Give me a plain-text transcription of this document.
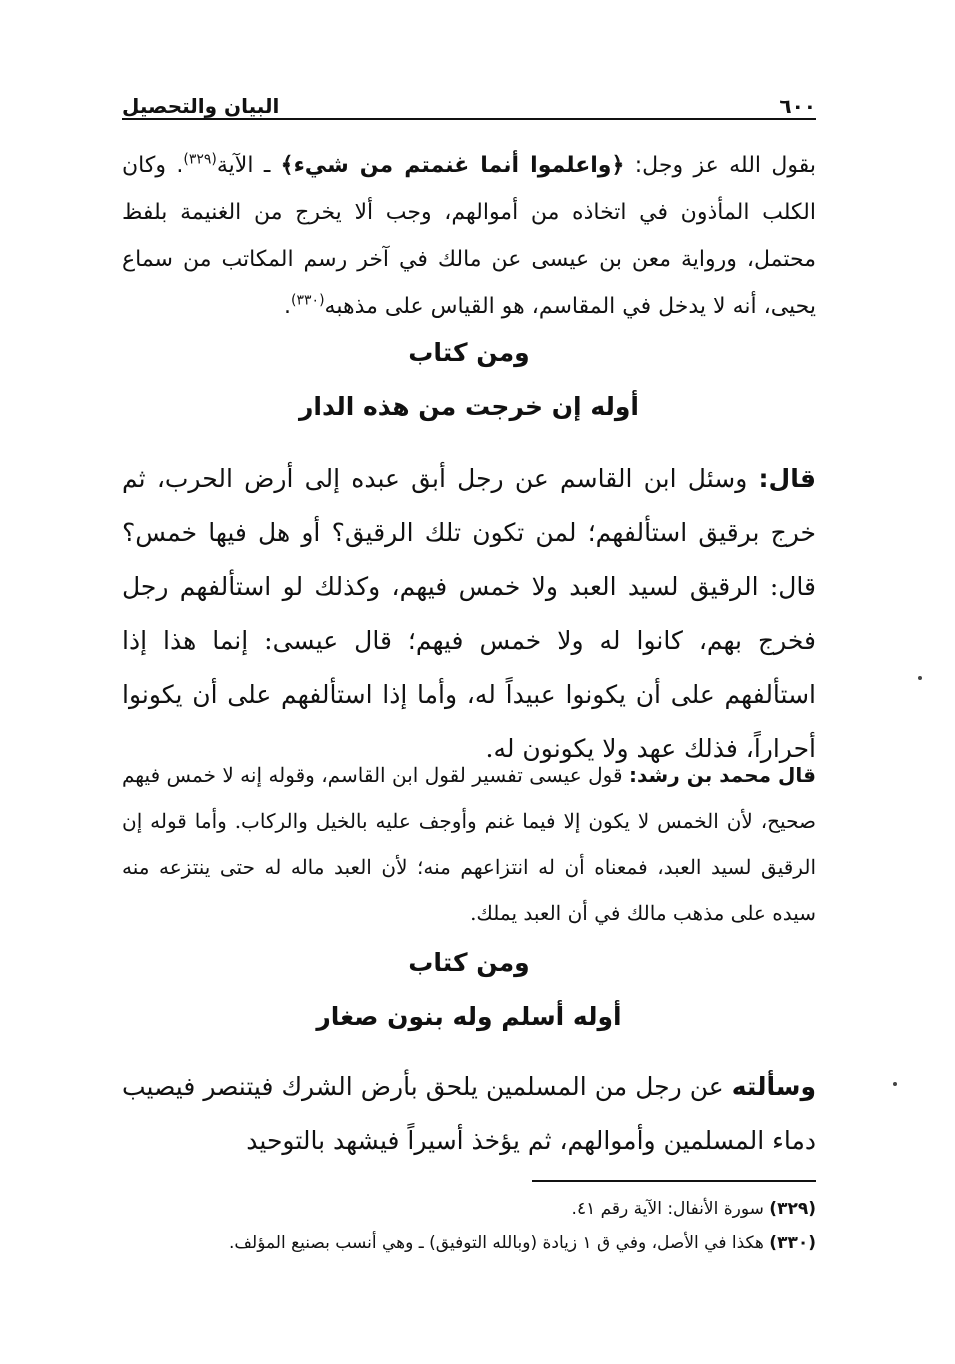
البيان والتحصيل	٦٠٠

بقول الله عز وجل: ﴿واعلموا أنما غنمتم من شيء﴾ ـ الآية$^{(٣٢٩)}$. وكان الكلب المأذون في اتخاذه من أموالهم، وجب ألا يخرج من الغنيمة بلفظ محتمل، ورواية معن بن عيسى عن مالك في آخر رسم المكاتب من سماع يحيى، أنه لا يدخل في المقاسم، هو القياس على مذهبه$^{(٣٣٠)}$.

ومن كتاب
أوله إن خرجت من هذه الدار

قال: وسئل ابن القاسم عن رجل أبق عبده إلى أرض الحرب، ثم خرج برقيق استألفهم؛ لمن تكون تلك الرقيق؟ أو هل فيها خمس؟ قال: الرقيق لسيد العبد ولا خمس فيهم، وكذلك لو استألفهم رجل فخرج بهم، كانوا له ولا خمس فيهم؛ قال عيسى: إنما هذا إذا استألفهم على أن يكونوا عبيداً له، وأما إذا استألفهم على أن يكونوا أحراراً، فذلك عهد ولا يكونون له.

قال محمد بن رشد: قول عيسى تفسير لقول ابن القاسم، وقوله إنه لا خمس فيهم صحيح، لأن الخمس لا يكون إلا فيما غنم وأوجف عليه بالخيل والركاب. وأما قوله إن الرقيق لسيد العبد، فمعناه أن له انتزاعهم منه؛ لأن العبد ماله له حتى ينتزعه منه سيده على مذهب مالك في أن العبد يملك.

ومن كتاب
أوله أسلم وله بنون صغار

وسألته عن رجل من المسلمين يلحق بأرض الشرك فيتنصر فيصيب دماء المسلمين وأموالهم، ثم يؤخذ أسيراً فيشهد بالتوحيد

(٣٢٩) سورة الأنفال: الآية رقم ٤١.

(٣٣٠) هكذا في الأصل، وفي ق ١ زيادة (وبالله التوفيق) ـ وهي أنسب بصنيع المؤلف.
